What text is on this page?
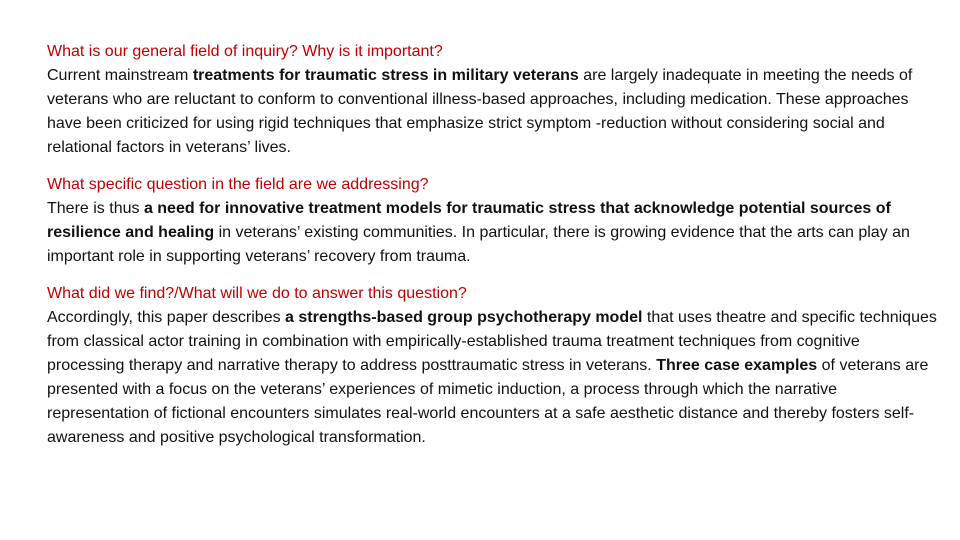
What is our general field of inquiry? Why is it important?
Current mainstream treatments for traumatic stress in military veterans are largely inadequate in meeting the needs of veterans who are reluctant to conform to conventional illness-based approaches, including medication. These approaches have been criticized for using rigid techniques that emphasize strict symptom -reduction without considering social and relational factors in veterans’ lives.
What specific question in the field are we addressing?
There is thus a need for innovative treatment models for traumatic stress that acknowledge potential sources of resilience and healing in veterans’ existing communities. In particular, there is growing evidence that the arts can play an important role in supporting veterans’ recovery from trauma.
What did we find?/What will we do to answer this question?
Accordingly, this paper describes a strengths-based group psychotherapy model that uses theatre and specific techniques from classical actor training in combination with empirically-established trauma treatment techniques from cognitive processing therapy and narrative therapy to address posttraumatic stress in veterans. Three case examples of veterans are presented with a focus on the veterans’ experiences of mimetic induction, a process through which the narrative representation of fictional encounters simulates real-world encounters at a safe aesthetic distance and thereby fosters self-awareness and positive psychological transformation.
